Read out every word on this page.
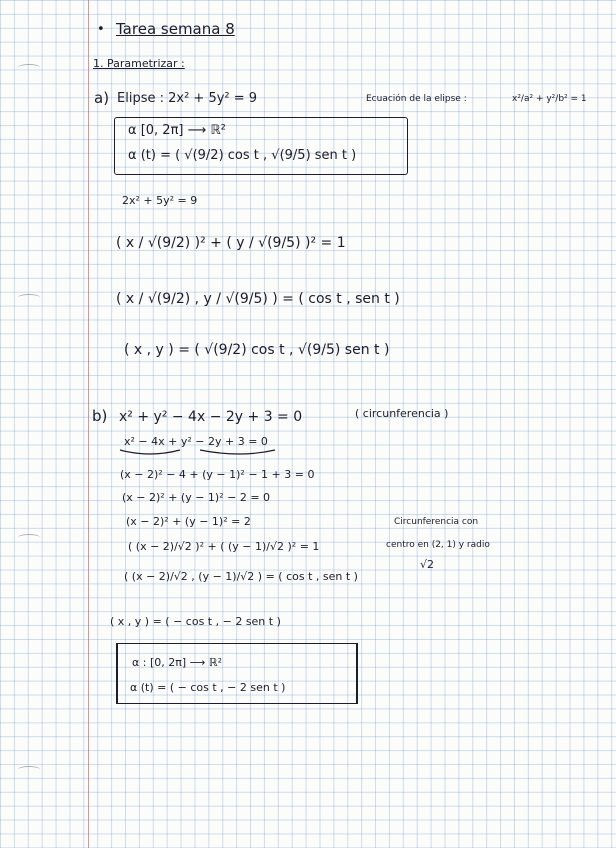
• Tarea semana 8
1. Parametrizar :
a) Elipse : 2x² + 5y² = 9	Ecuación de la elipse :	x²/a² + y²/b² = 1
α [0, 2π] ⟶ ℝ²
α (t) = ( √(9/2) cos t , √(9/5) sen t )
2x² + 5y² = 9
( x / √(9/2) )² + ( y / √(9/5) )² = 1
( x / √(9/2) , y / √(9/5) ) = ( cos t , sen t )
( x , y ) = ( √(9/2) cos t , √(9/5) sen t )
b) x² + y² − 4x − 2y + 3 = 0	( circunferencia )
x² − 4x + y² − 2y + 3 = 0
(x − 2)² − 4 + (y − 1)² − 1 + 3 = 0
(x − 2)² + (y − 1)² − 2 = 0
(x − 2)² + (y − 1)² = 2
( (x − 2)/√2 )² + ( (y − 1)/√2 )² = 1
( (x − 2)/√2 , (y − 1)/√2 ) = ( cos t , sen t )
Circunferencia con
centro en (2, 1) y radio
√2
( x , y ) = ( − cos t , − 2 sen t )
α : [0, 2π] ⟶ ℝ²
α (t) = ( − cos t , − 2 sen t )
